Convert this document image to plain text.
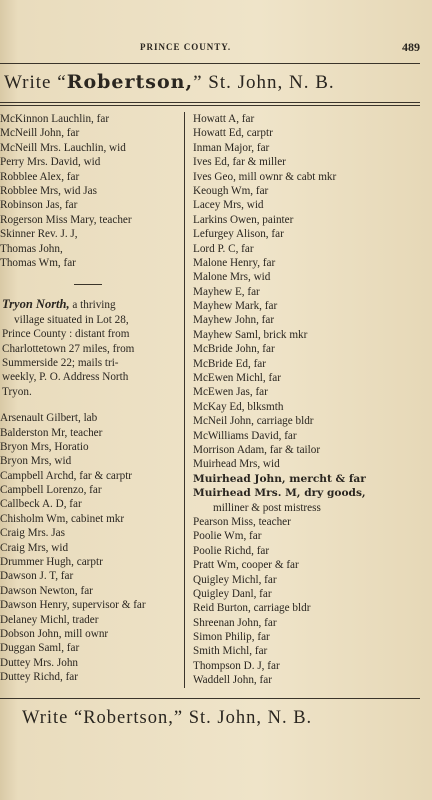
PRINCE COUNTY.	489
Write “Robertson,” St. John, N. B.
McKinnon Lauchlin, far
McNeill John, far
McNeill Mrs. Lauchlin, wid
Perry Mrs. David, wid
Robblee Alex, far
Robblee Mrs, wid Jas
Robinson Jas, far
Rogerson Miss Mary, teacher
Skinner Rev. J. J,
Thomas John,
Thomas Wm, far
Tryon North, a thriving
village situated in Lot 28,
Prince County : distant from
Charlottetown 27 miles, from
Summerside 22; mails tri-
weekly, P. O. Address North
Tryon.
Arsenault Gilbert, lab
Balderston Mr, teacher
Bryon Mrs, Horatio
Bryon Mrs, wid
Campbell Archd, far & carptr
Campbell Lorenzo, far
Callbeck A. D, far
Chisholm Wm, cabinet mkr
Craig Mrs. Jas
Craig Mrs, wid
Drummer Hugh, carptr
Dawson J. T, far
Dawson Newton, far
Dawson Henry, supervisor & far
Delaney Michl, trader
Dobson John, mill ownr
Duggan Saml, far
Duttey Mrs. John
Duttey Richd, far
Howatt A, far
Howatt Ed, carptr
Inman Major, far
Ives Ed, far & miller
Ives Geo, mill ownr & cabt mkr
Keough Wm, far
Lacey Mrs, wid
Larkins Owen, painter
Lefurgey Alison, far
Lord P. C, far
Malone Henry, far
Malone Mrs, wid
Mayhew E, far
Mayhew Mark, far
Mayhew John, far
Mayhew Saml, brick mkr
McBride John, far
McBride Ed, far
McEwen Michl, far
McEwen Jas, far
McKay Ed, blksmth
McNeil John, carriage bldr
McWilliams David, far
Morrison Adam, far & tailor
Muirhead Mrs, wid
Muirhead John, mercht & far
Muirhead Mrs. M, dry goods,
milliner & post mistress
Pearson Miss, teacher
Poolie Wm, far
Poolie Richd, far
Pratt Wm, cooper & far
Quigley Michl, far
Quigley Danl, far
Reid Burton, carriage bldr
Shreenan John, far
Simon Philip, far
Smith Michl, far
Thompson D. J, far
Waddell John, far
Write “Robertson,” St. John, N. B.
